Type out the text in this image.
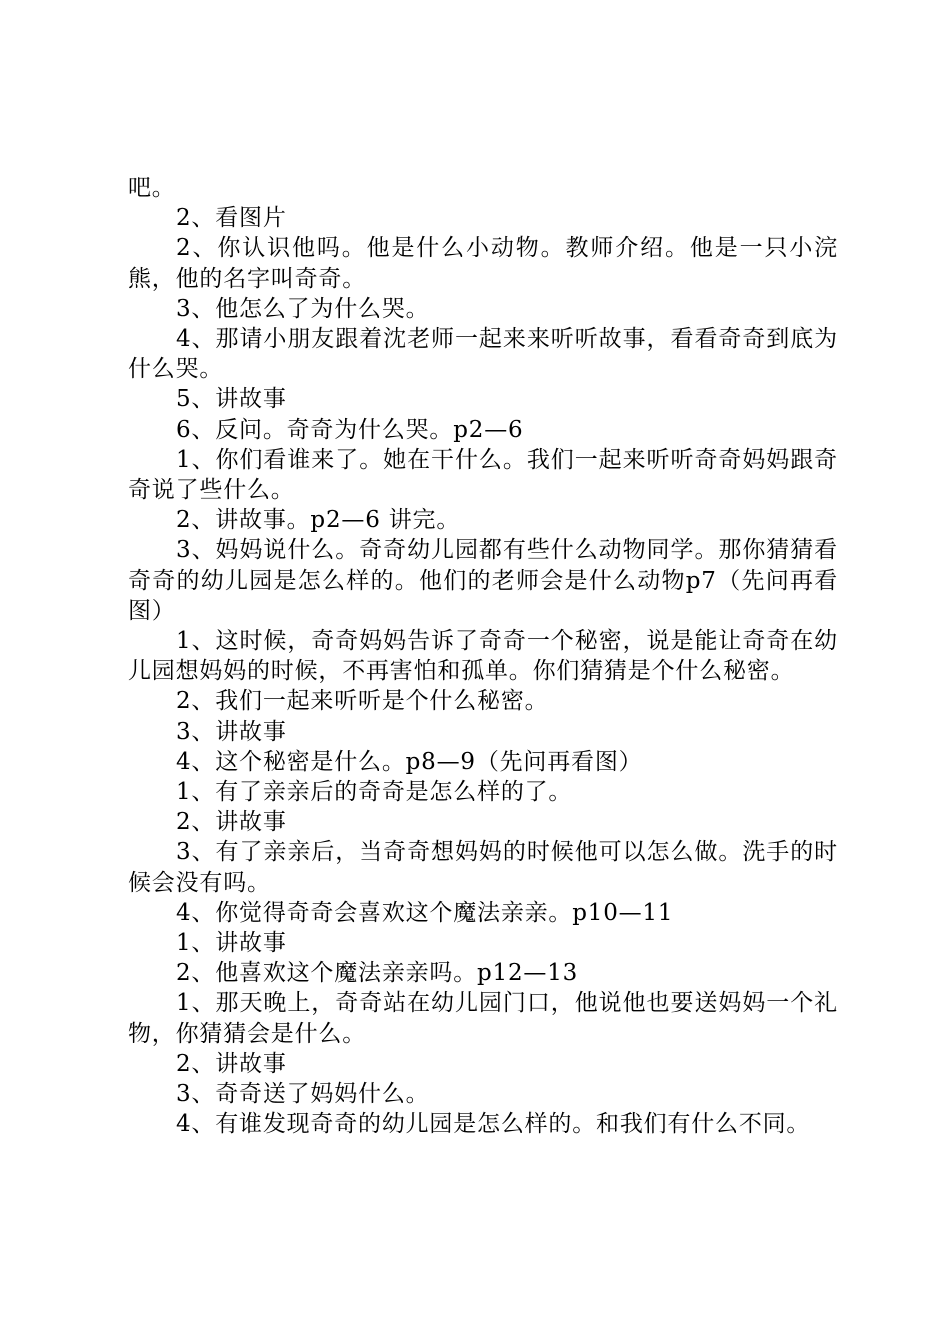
吧。

2、看图片

2、你认识他吗。他是什么小动物。教师介绍。他是一只小浣熊，他的名字叫奇奇。

3、他怎么了为什么哭。

4、那请小朋友跟着沈老师一起来来听听故事，看看奇奇到底为什么哭。

5、讲故事

6、反问。奇奇为什么哭。p2—6

1、你们看谁来了。她在干什么。我们一起来听听奇奇妈妈跟奇奇说了些什么。

2、讲故事。p2—6 讲完。

3、妈妈说什么。奇奇幼儿园都有些什么动物同学。那你猜猜看奇奇的幼儿园是怎么样的。他们的老师会是什么动物p7（先问再看图）

1、这时候，奇奇妈妈告诉了奇奇一个秘密，说是能让奇奇在幼儿园想妈妈的时候，不再害怕和孤单。你们猜猜是个什么秘密。

2、我们一起来听听是个什么秘密。

3、讲故事

4、这个秘密是什么。p8—9（先问再看图）

1、有了亲亲后的奇奇是怎么样的了。

2、讲故事

3、有了亲亲后，当奇奇想妈妈的时候他可以怎么做。洗手的时候会没有吗。

4、你觉得奇奇会喜欢这个魔法亲亲。p10—11

1、讲故事

2、他喜欢这个魔法亲亲吗。p12—13

1、那天晚上，奇奇站在幼儿园门口，他说他也要送妈妈一个礼物，你猜猜会是什么。

2、讲故事

3、奇奇送了妈妈什么。

4、有谁发现奇奇的幼儿园是怎么样的。和我们有什么不同。
